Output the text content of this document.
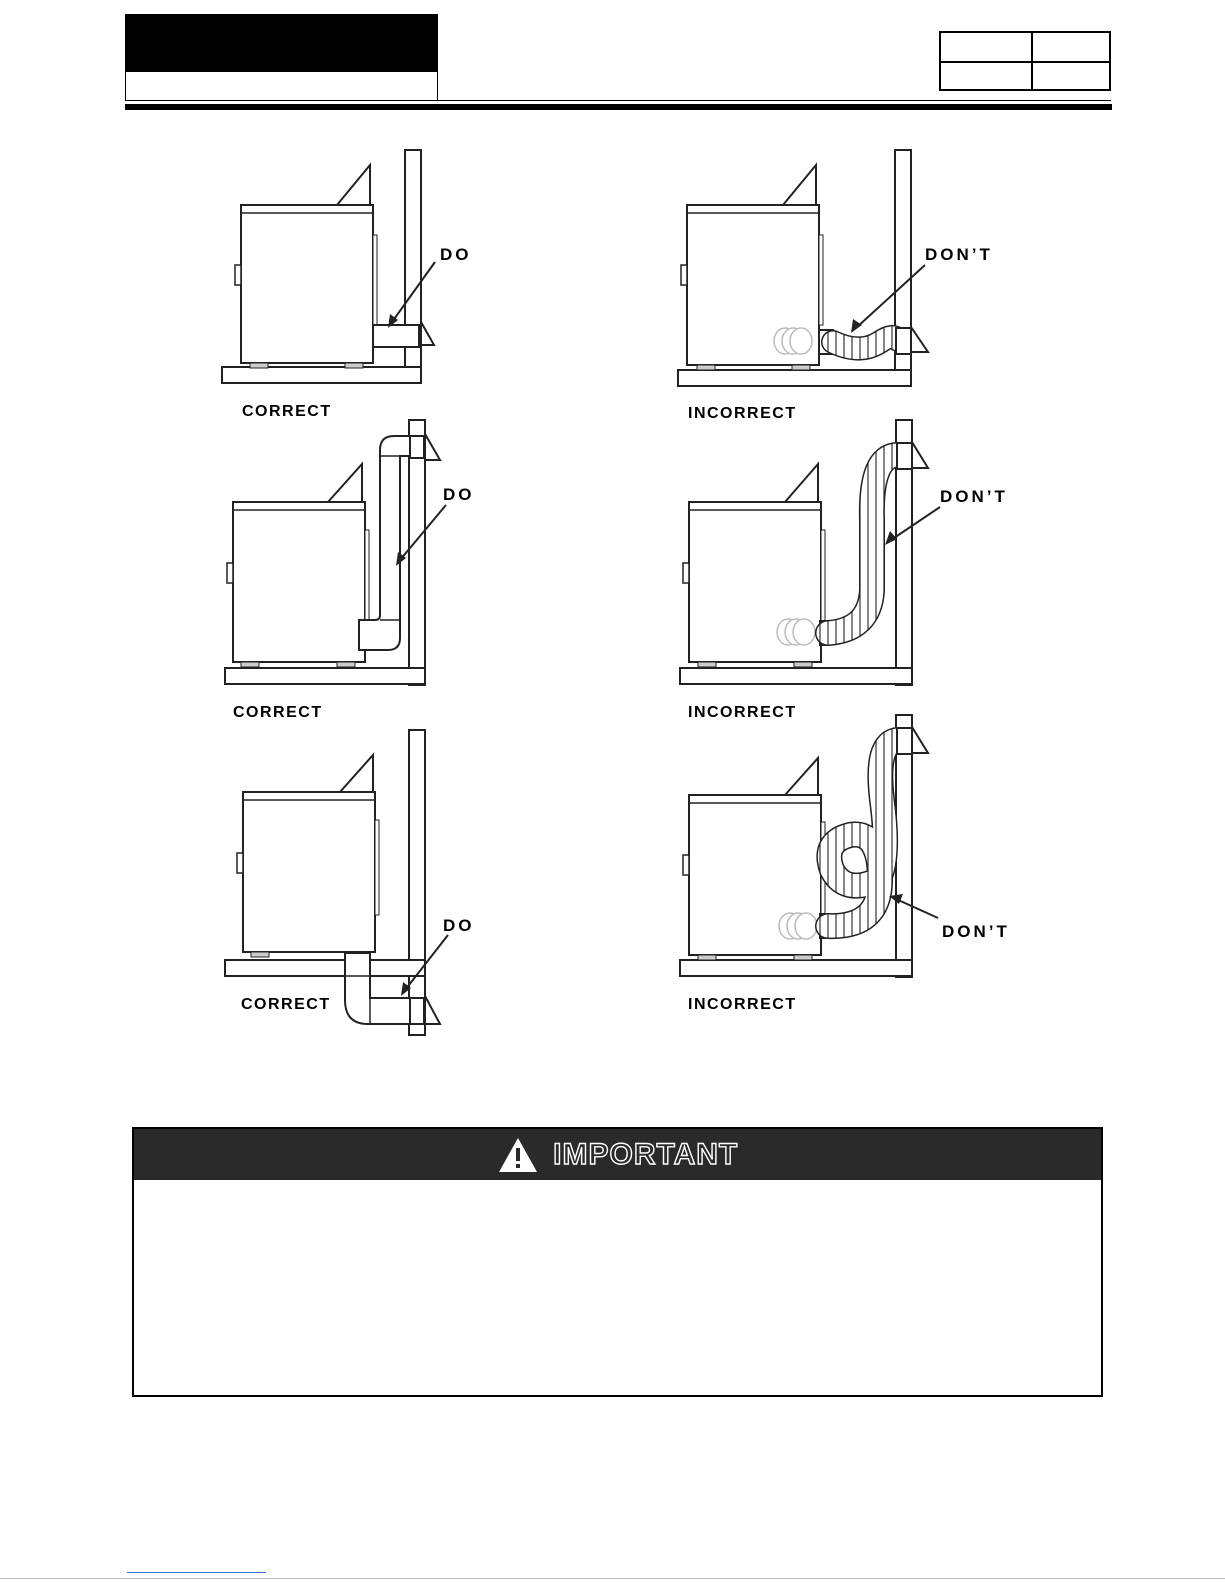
DO
CORRECT
DON’T
INCORRECT
DO
CORRECT
DON’T
INCORRECT
DO
CORRECT
DON’T
INCORRECT
IMPORTANT
